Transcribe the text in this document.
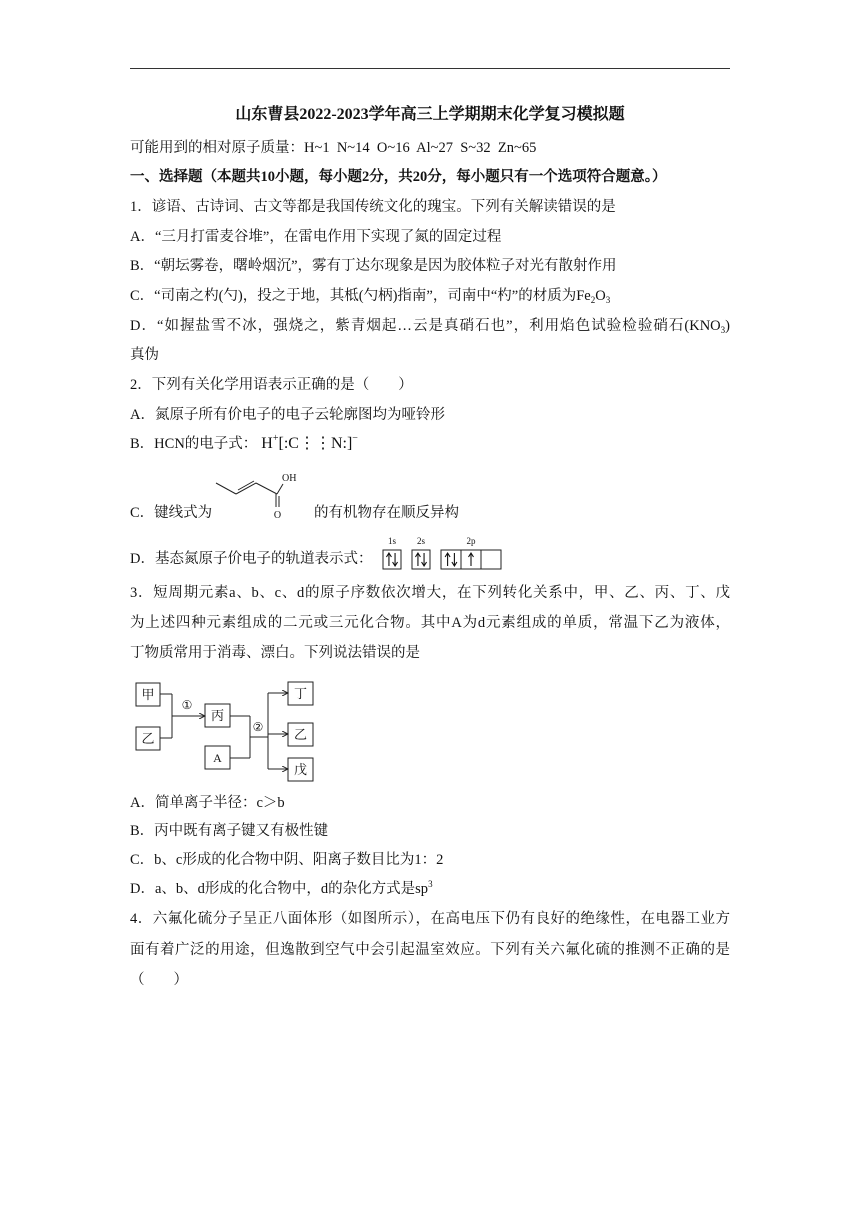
山东曹县2022-2023学年高三上学期期末化学复习模拟题
可能用到的相对原子质量：H~1  N~14  O~16  Al~27  S~32  Zn~65
一、选择题（本题共10小题，每小题2分，共20分，每小题只有一个选项符合题意。）
1．谚语、古诗词、古文等都是我国传统文化的瑰宝。下列有关解读错误的是
A．“三月打雷麦谷堆”，在雷电作用下实现了氮的固定过程
B．“朝坛雾卷，曙岭烟沉”，雾有丁达尔现象是因为胶体粒子对光有散射作用
C．“司南之杓(勺)，投之于地，其柢(勺柄)指南”，司南中“杓”的材质为$Fe_2O_3$
D．“如握盐雪不冰，强烧之，紫青烟起…云是真硝石也”，利用焰色试验检验硝石$(KNO_3)$
真伪
2．下列有关化学用语表示正确的是（　　）
A．氮原子所有价电子的电子云轮廓图均为哑铃形
B．HCN的电子式： H+[:C⋮⋮N:]−
C．键线式为
OH
O 的有机物存在顺反异构
D．基态氮原子价电子的轨道表示式：
1s 2s	2p
3．短周期元素a、b、c、d的原子序数依次增大，在下列转化关系中，甲、乙、丙、丁、戊
为上述四种元素组成的二元或三元化合物。其中A为d元素组成的单质，常温下乙为液体，
丁物质常用于消毒、漂白。下列说法错误的是
甲
乙
①
丙
A
②
丁
乙
戊
A．简单离子半径：c＞b
B．丙中既有离子键又有极性键
C．b、c形成的化合物中阴、阳离子数目比为1：2
D．a、b、d形成的化合物中，d的杂化方式是$sp^3$
4．六氟化硫分子呈正八面体形（如图所示），在高电压下仍有良好的绝缘性，在电器工业方
面有着广泛的用途，但逸散到空气中会引起温室效应。下列有关六氟化硫的推测不正确的是
（　　）
